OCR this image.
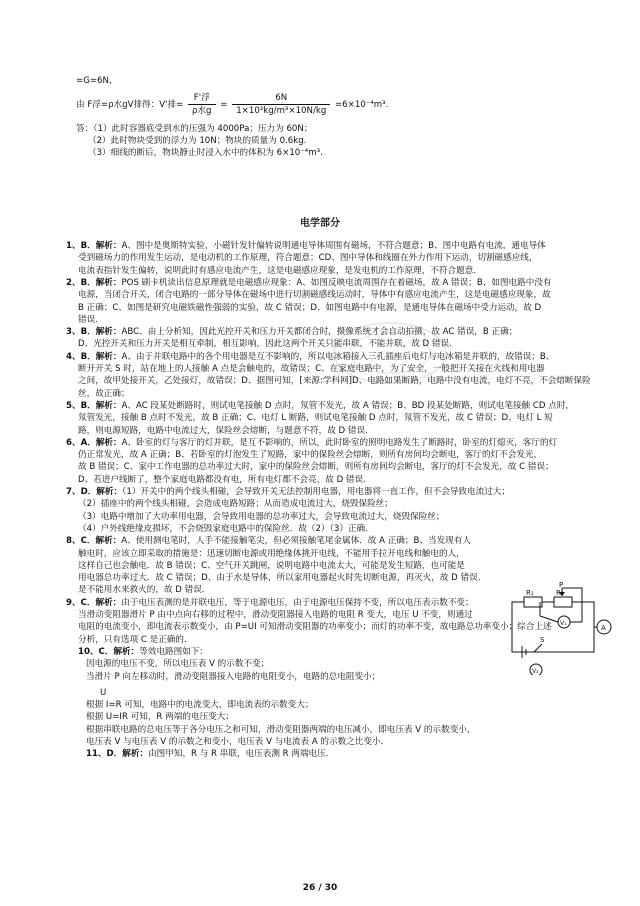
=G=6N,
由 F浮=ρ水gV排得：V'排= $\frac{\text{F'浮}}{\text{ρ水g}} = \frac{6N}{\text{1×10³kg/m³×10N/kg}} =6\times 10^{-4}m^3$.
答：（1）此时容器底受到水的压强为 4000Pa；压力为 60N；
（2）此时物块受到的浮力为 10N；物块的质量为 0.6kg.
（3）细线的断后，物块静止时浸入水中的体积为 6×10⁻⁴m³.
电学部分
1、B．解析：A、图中是奥斯特实验，小磁针发针偏转说明通电导体周围有磁场，不符合题意；B、图中电路有电流，通电导体
受到磁场力的作用发生运动，是电动机的工作原理，符合题意；CD、图中导体和线圈在外力作用下运动，切割磁感应线，
电流表指针发生偏转，说明此时有感应电流产生，这是电磁感应现象，是发电机的工作原理，不符合题意.
2、B．解析：POS 刷卡机读出信息原理就是电磁感应现象：A、如图反映电流周围存在着磁场，故 A 错误；B、如图电路中没有
电源，当闭合开关，闭合电路的一部分导体在磁场中进行切割磁感线运动时，导体中有感应电流产生，这是电磁感应现象，故
B 正确；C、如图是研究电磁铁磁性强弱的实验，故 C 错误；D、如图电路中有电源，是通电导体在磁场中受力运动，故 D
错误.
3、B．解析：ABC、由上分析知，因此光控开关和压力开关都闭合时，摄像系统才会自动拍摄，故 AC 错误，B 正确；
D、光控开关和压力开关是相互牵制，相互影响，因此这两个开关只能串联，不能并联，故 D 错误.
4、B．解析：A、由于并联电路中的各个用电器是互不影响的，所以电冰箱接入三孔插座后电灯与电冰箱是并联的，故错误；B、
断开开关 S 时，站在地上的人接触 A 点是会触电的，故错误；C、在家庭电路中，为了安全，一般把开关接在火线和用电器
之间，故甲处接开关，乙处接灯，故错误；D、据图可知，[来源:学科网]D、电路如果断路，电路中没有电流，电灯不亮，不会熔断保险
丝，故正确；
5、B．解析：A、AC 段某处断路时，则试电笔接触 D 点时，氖管不发光，故 A 错误；B、BD 段某处断路，则试电笔接触 CD 点时，
氖管发光，接触 B 点时不发光，故 B 正确；C、电灯 L 断路，则试电笔接触 D 点时，氖管不发光，故 C 错误；D、电灯 L 短
路，则电源短路，电路中电流过大，保险丝会熔断，与题意不符，故 D 错误.
6、A．解析：A、卧室的灯与客厅的灯并联，是互不影响的，所以，此时卧室的照明电路发生了断路时，卧室的灯熄灭，客厅的灯
仍正常发光，故 A 正确；B、若卧室的灯泡发生了短路，家中的保险丝会熔断，则所有房间均会断电，客厅的灯不会发光，
故 B 错误；C、家中工作电器的总功率过大时，家中的保险丝会熔断，则所有房间均会断电，客厅的灯不会发光，故 C 错误；
D、若进户线断了，整个家庭电路都没有电，所有电灯都不会亮，故 D 错误.
7、D．解析：（1）开关中的两个线头相碰，会导致开关无法控制用电器，用电器将一直工作，但不会导致电流过大；
（2）插座中的两个线头相碰，会造成电路短路；从而造成电流过大，烧毁保险丝；
（3）电路中增加了大功率用电器，会导致用电器的总功率过大，会导致电流过大，烧毁保险丝；
（4）户外线绝缘皮损坏，不会烧毁家庭电路中的保险丝．故（2）（3）正确．
8、C．解析：A、使用测电笔时，人手不能接触笔尖，但必须接触笔尾金属体．故 A 正确；B、当发现有人
触电时，应该立即采取的措施是：迅速切断电源或用绝缘体挑开电线，不能用手拉开电线和触电的人，
这样自己也会触电．故 B 错误；C、空气开关跳闸，说明电路中电流太大，可能是发生短路，也可能是
用电器总功率过大．故 C 错误；D、由于水是导体，所以家用电器起火时先切断电源，再灭火，故 D 错误.
是不能用水来救火的，故 D 错误．
9、C．解析：由于电压表测的是并联电压，等于电源电压，由于电源电压保持不变，所以电压表示数不变；
当滑动变阻器滑片 P 由中点向右移的过程中，滑动变阻器接入电路的电阻 R 变大，电压 U 不变，则通过
电阻的电流变小，即电流表示数变小，由 P=UI 可知滑动变阻器的功率变小；而灯的功率不变，故电路总功率变小；综合上述
分析，只有选项 C 是正确的．
10、C．解析：等效电路图如下：
因电源的电压不变，所以电压表 V 的示数不变；
当滑片 P 向左移动时，滑动变阻器接入电路的电阻变小，电路的总电阻变小；
U
根据 I=R 可知，电路中的电流变大，即电流表的示数变大；
根据 U=IR 可知，R 两端的电压变大；
根据串联电路的总电压等于各分电压之和可知，滑动变阻器两端的电压减小，即电压表 V 的示数变小，
电压表 V 与电压表 V 的示数之和变小，电压表 V 与电流表 A 的示数之比变小．
11、D．解析：由图甲知，R 与 R 串联，电压表测 R 两端电压．
P
R₁	R₂
A
V₁
V₂
S
26 / 30
